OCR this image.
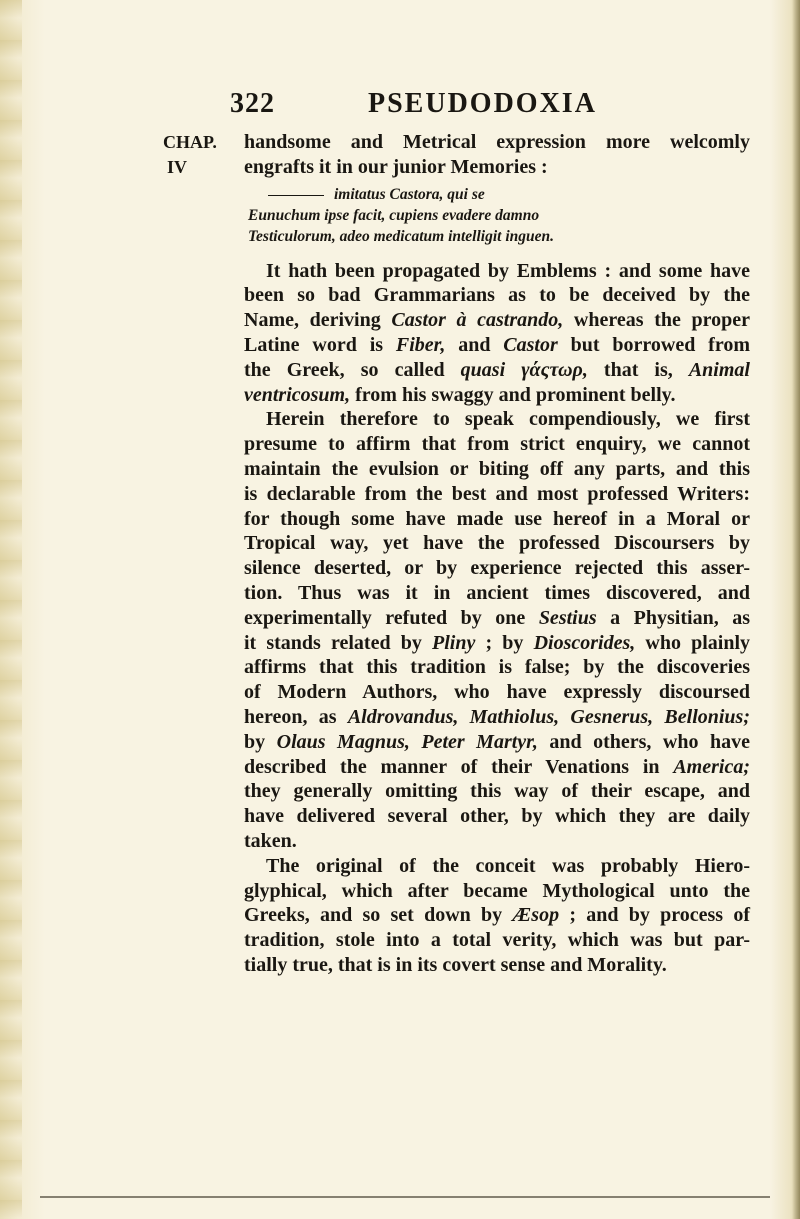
322	PSEUDODOXIA
CHAP.
IV
handsome and Metrical expression more welcomly
engrafts it in our junior Memories :
imitatus Castora, qui se
Eunuchum ipse facit, cupiens evadere damno
Testiculorum, adeo medicatum intelligit inguen.
It hath been propagated by Emblems : and some have
been so bad Grammarians as to be deceived by the
Name, deriving Castor à castrando, whereas the proper
Latine word is Fiber, and Castor but borrowed from
the Greek, so called quasi γάςτωρ, that is, Animal
ventricosum, from his swaggy and prominent belly.
Herein therefore to speak compendiously, we first
presume to affirm that from strict enquiry, we cannot
maintain the evulsion or biting off any parts, and this
is declarable from the best and most professed Writers:
for though some have made use hereof in a Moral or
Tropical way, yet have the professed Discoursers by
silence deserted, or by experience rejected this asser-
tion. Thus was it in ancient times discovered, and
experimentally refuted by one Sestius a Physitian, as
it stands related by Pliny ; by Dioscorides, who plainly
affirms that this tradition is false; by the discoveries
of Modern Authors, who have expressly discoursed
hereon, as Aldrovandus, Mathiolus, Gesnerus, Bellonius;
by Olaus Magnus, Peter Martyr, and others, who have
described the manner of their Venations in America;
they generally omitting this way of their escape, and
have delivered several other, by which they are daily
taken.
The original of the conceit was probably Hiero-
glyphical, which after became Mythological unto the
Greeks, and so set down by Æsop ; and by process of
tradition, stole into a total verity, which was but par-
tially true, that is in its covert sense and Morality.
